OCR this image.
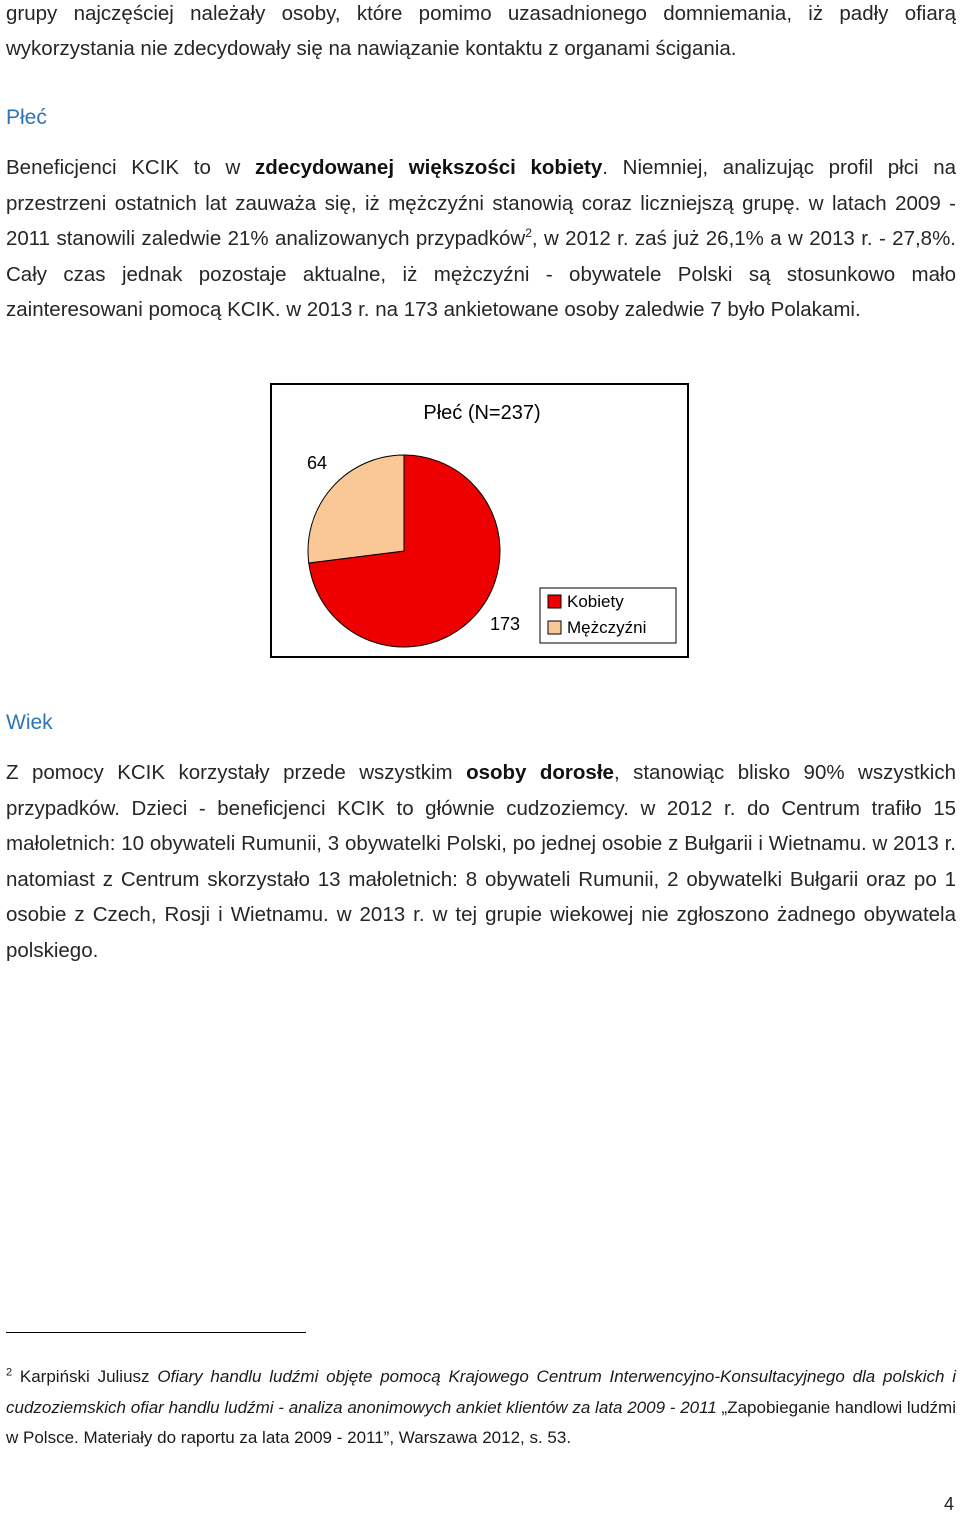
grupy najczęściej należały osoby, które pomimo uzasadnionego domniemania, iż padły ofiarą
wykorzystania nie zdecydowały się na nawiązanie kontaktu z organami ścigania.
Płeć
Beneficjenci KCIK to w zdecydowanej większości kobiety. Niemniej, analizując profil płci na przestrzeni ostatnich lat zauważa się, iż mężczyźni stanowią coraz liczniejszą grupę. w latach 2009 - 2011 stanowili zaledwie 21% analizowanych przypadków$^2$, w 2012 r. zaś już 26,1% a w 2013 r. - 27,8%. Cały czas jednak pozostaje aktualne, iż mężczyźni - obywatele Polski są stosunkowo mało zainteresowani pomocą KCIK. w 2013 r. na 173 ankietowane osoby zaledwie 7 było Polakami.
Płeć (N=237)
173
64
Kobiety
Mężczyźni
Wiek
Z pomocy KCIK korzystały przede wszystkim osoby dorosłe, stanowiąc blisko 90% wszystkich przypadków. Dzieci - beneficjenci KCIK to głównie cudzoziemcy. w 2012 r. do Centrum trafiło 15 małoletnich: 10 obywateli Rumunii, 3 obywatelki Polski, po jednej osobie z Bułgarii i Wietnamu. w 2013 r. natomiast z Centrum skorzystało 13 małoletnich: 8 obywateli Rumunii, 2 obywatelki Bułgarii oraz po 1 osobie z Czech, Rosji i Wietnamu. w 2013 r. w tej grupie wiekowej nie zgłoszono żadnego obywatela polskiego.
$^2$ Karpiński Juliusz Ofiary handlu ludźmi objęte pomocą Krajowego Centrum Interwencyjno-Konsultacyjnego dla polskich i cudzoziemskich ofiar handlu ludźmi - analiza anonimowych ankiet klientów za lata 2009 - 2011 „Zapobieganie handlowi ludźmi w Polsce. Materiały do raportu za lata 2009 - 2011”, Warszawa 2012, s. 53.
4
